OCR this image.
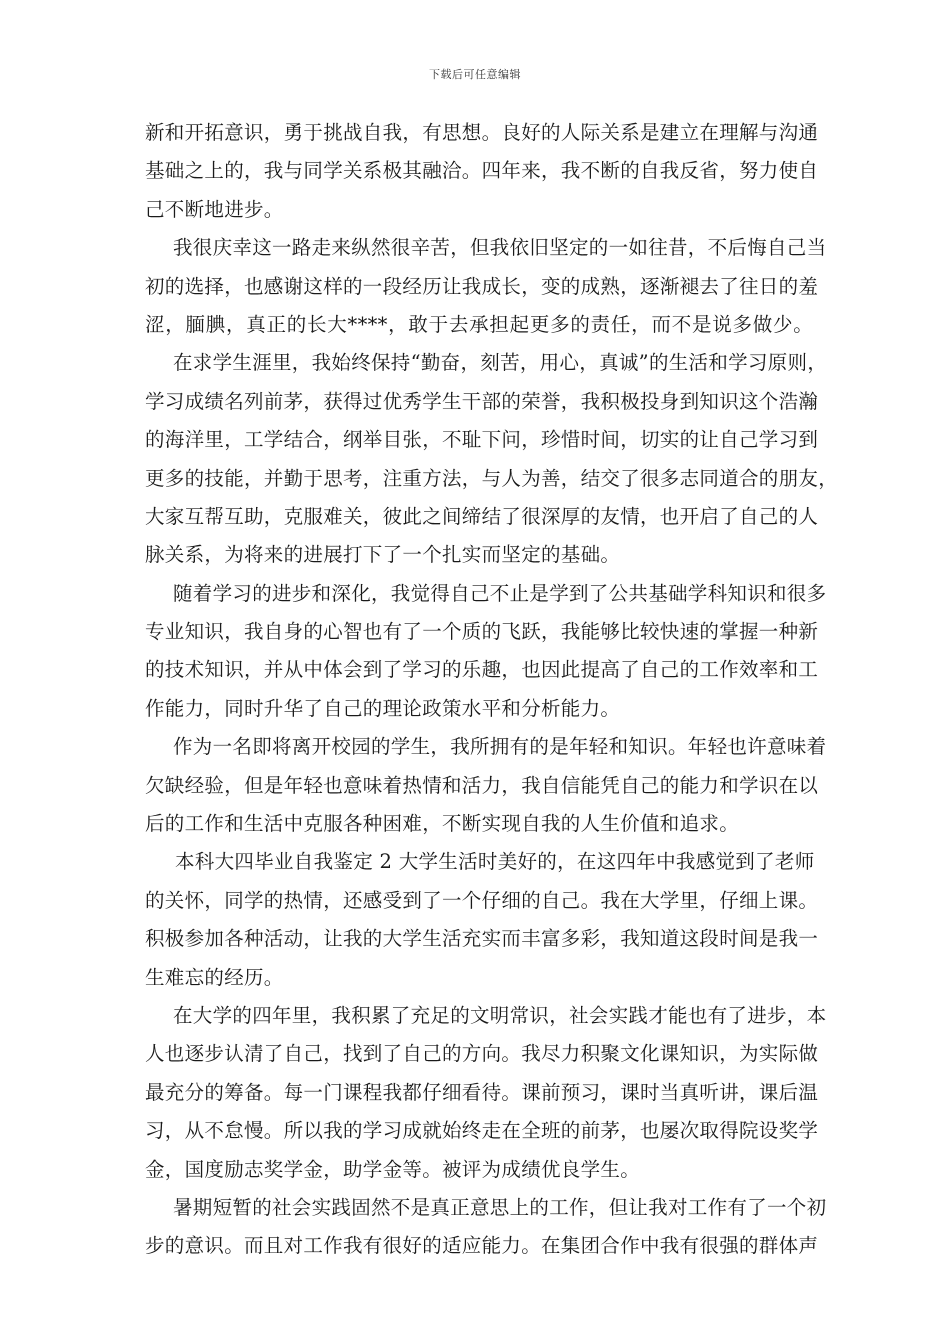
下载后可任意编辑
新和开拓意识，勇于挑战自我，有思想。良好的人际关系是建立在理解与沟通
基础之上的，我与同学关系极其融洽。四年来，我不断的自我反省，努力使自
己不断地进步。
我很庆幸这一路走来纵然很辛苦，但我依旧坚定的一如往昔，不后悔自己当
初的选择，也感谢这样的一段经历让我成长，变的成熟，逐渐褪去了往日的羞
涩，腼腆，真正的长大****，敢于去承担起更多的责任，而不是说多做少。
在求学生涯里，我始终保持“勤奋，刻苦，用心，真诚”的生活和学习原则，
学习成绩名列前茅，获得过优秀学生干部的荣誉，我积极投身到知识这个浩瀚
的海洋里，工学结合，纲举目张，不耻下问，珍惜时间，切实的让自己学习到
更多的技能，并勤于思考，注重方法，与人为善，结交了很多志同道合的朋友，
大家互帮互助，克服难关，彼此之间缔结了很深厚的友情，也开启了自己的人
脉关系，为将来的进展打下了一个扎实而坚定的基础。
随着学习的进步和深化，我觉得自己不止是学到了公共基础学科知识和很多
专业知识，我自身的心智也有了一个质的飞跃，我能够比较快速的掌握一种新
的技术知识，并从中体会到了学习的乐趣，也因此提高了自己的工作效率和工
作能力，同时升华了自己的理论政策水平和分析能力。
作为一名即将离开校园的学生，我所拥有的是年轻和知识。年轻也许意味着
欠缺经验，但是年轻也意味着热情和活力，我自信能凭自己的能力和学识在以
后的工作和生活中克服各种困难，不断实现自我的人生价值和追求。
本科大四毕业自我鉴定 2 大学生活时美好的，在这四年中我感觉到了老师
的关怀，同学的热情，还感受到了一个仔细的自己。我在大学里，仔细上课。
积极参加各种活动，让我的大学生活充实而丰富多彩，我知道这段时间是我一
生难忘的经历。
在大学的四年里，我积累了充足的文明常识，社会实践才能也有了进步，本
人也逐步认清了自己，找到了自己的方向。我尽力积聚文化课知识，为实际做
最充分的筹备。每一门课程我都仔细看待。课前预习，课时当真听讲，课后温
习，从不怠慢。所以我的学习成就始终走在全班的前茅，也屡次取得院设奖学
金，国度励志奖学金，助学金等。被评为成绩优良学生。
暑期短暂的社会实践固然不是真正意思上的工作，但让我对工作有了一个初
步的意识。而且对工作我有很好的适应能力。在集团合作中我有很强的群体声
